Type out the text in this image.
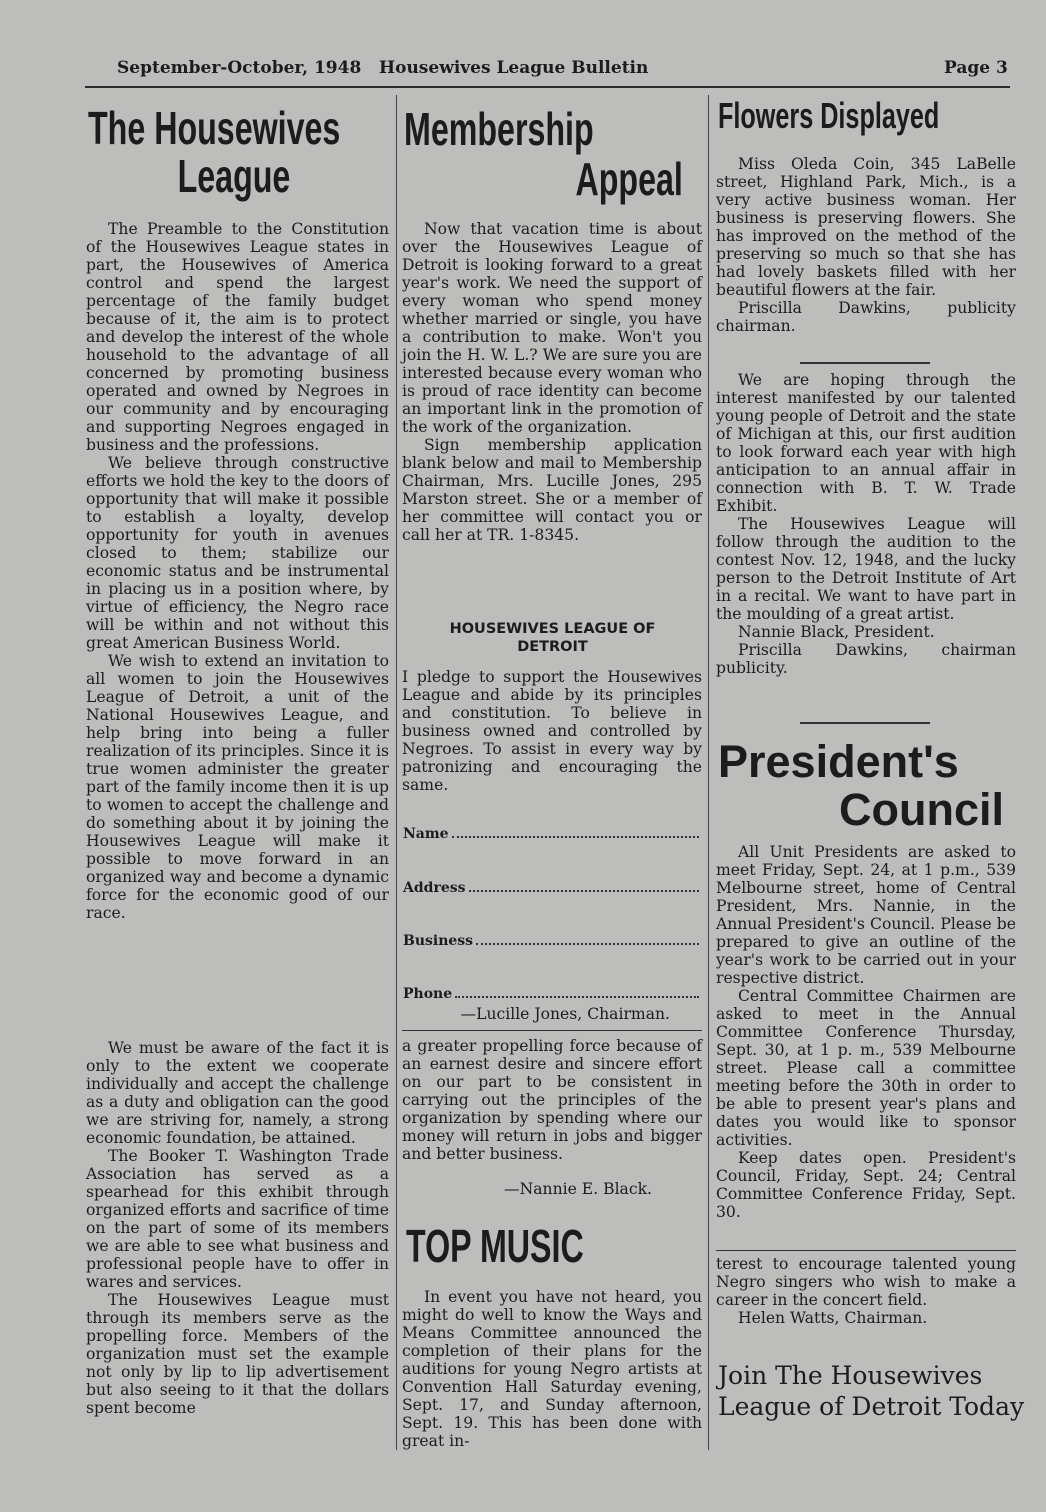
September-October, 1948 Housewives League Bulletin	Page 3
The Housewives
League

The Preamble to the Constitution of the Housewives League states in part, the Housewives of America control and spend the largest percentage of the family budget because of it, the aim is to protect and develop the interest of the whole household to the advantage of all concerned by promoting business operated and owned by Negroes in our community and by encouraging and supporting Negroes engaged in business and the professions.

We believe through constructive efforts we hold the key to the doors of opportunity that will make it possible to establish a loyalty, develop opportunity for youth in avenues closed to them; stabilize our economic status and be instrumental in placing us in a position where, by virtue of efficiency, the Negro race will be within and not without this great American Business World.

We wish to extend an invitation to all women to join the Housewives League of Detroit, a unit of the National Housewives League, and help bring into being a fuller realization of its principles. Since it is true women administer the greater part of the family income then it is up to women to accept the challenge and do something about it by joining the Housewives League will make it possible to move forward in an organized way and become a dynamic force for the economic good of our race.

We must be aware of the fact it is only to the extent we cooperate individually and accept the challenge as a duty and obligation can the good we are striving for, namely, a strong economic foundation, be attained.

The Booker T. Washington Trade Association has served as a spearhead for this exhibit through organized efforts and sacrifice of time on the part of some of its members we are able to see what business and professional people have to offer in wares and services.

The Housewives League must through its members serve as the propelling force. Members of the organization must set the example not only by lip to lip advertisement but also seeing to it that the dollars spent become

Membership
Appeal

Now that vacation time is about over the Housewives League of Detroit is looking forward to a great year's work. We need the support of every woman who spend money whether married or single, you have a contribution to make. Won't you join the H. W. L.? We are sure you are interested because every woman who is proud of race identity can become an important link in the promotion of the work of the organization.

Sign membership application blank below and mail to Membership Chairman, Mrs. Lucille Jones, 295 Marston street. She or a member of her committee will contact you or call her at TR. 1-8345.

HOUSEWIVES LEAGUE OF DETROIT

I pledge to support the Housewives League and abide by its principles and constitution. To believe in business owned and controlled by Negroes. To assist in every way by patronizing and encouraging the same.

Name
Address
Business
Phone
—Lucille Jones, Chairman.

a greater propelling force because of an earnest desire and sincere effort on our part to be consistent in carrying out the principles of the organization by spending where our money will return in jobs and bigger and better business.

—Nannie E. Black.
TOP MUSIC

In event you have not heard, you might do well to know the Ways and Means Committee announced the completion of their plans for the auditions for young Negro artists at Convention Hall Saturday evening, Sept. 17, and Sunday afternoon, Sept. 19. This has been done with great in-

Flowers Displayed

Miss Oleda Coin, 345 LaBelle street, Highland Park, Mich., is a very active business woman. Her business is preserving flowers. She has improved on the method of the preserving so much so that she has had lovely baskets filled with her beautiful flowers at the fair.

Priscilla Dawkins, publicity chairman.

We are hoping through the interest manifested by our talented young people of Detroit and the state of Michigan at this, our first audition to look forward each year with high anticipation to an annual affair in connection with B. T. W. Trade Exhibit.

The Housewives League will follow through the audition to the contest Nov. 12, 1948, and the lucky person to the Detroit Institute of Art in a recital. We want to have part in the moulding of a great artist.

Nannie Black, President.

Priscilla Dawkins, chairman publicity.

President's
Council

All Unit Presidents are asked to meet Friday, Sept. 24, at 1 p.m., 539 Melbourne street, home of Central President, Mrs. Nannie, in the Annual President's Council. Please be prepared to give an outline of the year's work to be carried out in your respective district.

Central Committee Chairmen are asked to meet in the Annual Committee Conference Thursday, Sept. 30, at 1 p. m., 539 Melbourne street. Please call a committee meeting before the 30th in order to be able to present year's plans and dates you would like to sponsor activities.

Keep dates open. President's Council, Friday, Sept. 24; Central Committee Conference Friday, Sept. 30.

terest to encourage talented young Negro singers who wish to make a career in the concert field.

Helen Watts, Chairman.

Join The Housewives League of Detroit Today
